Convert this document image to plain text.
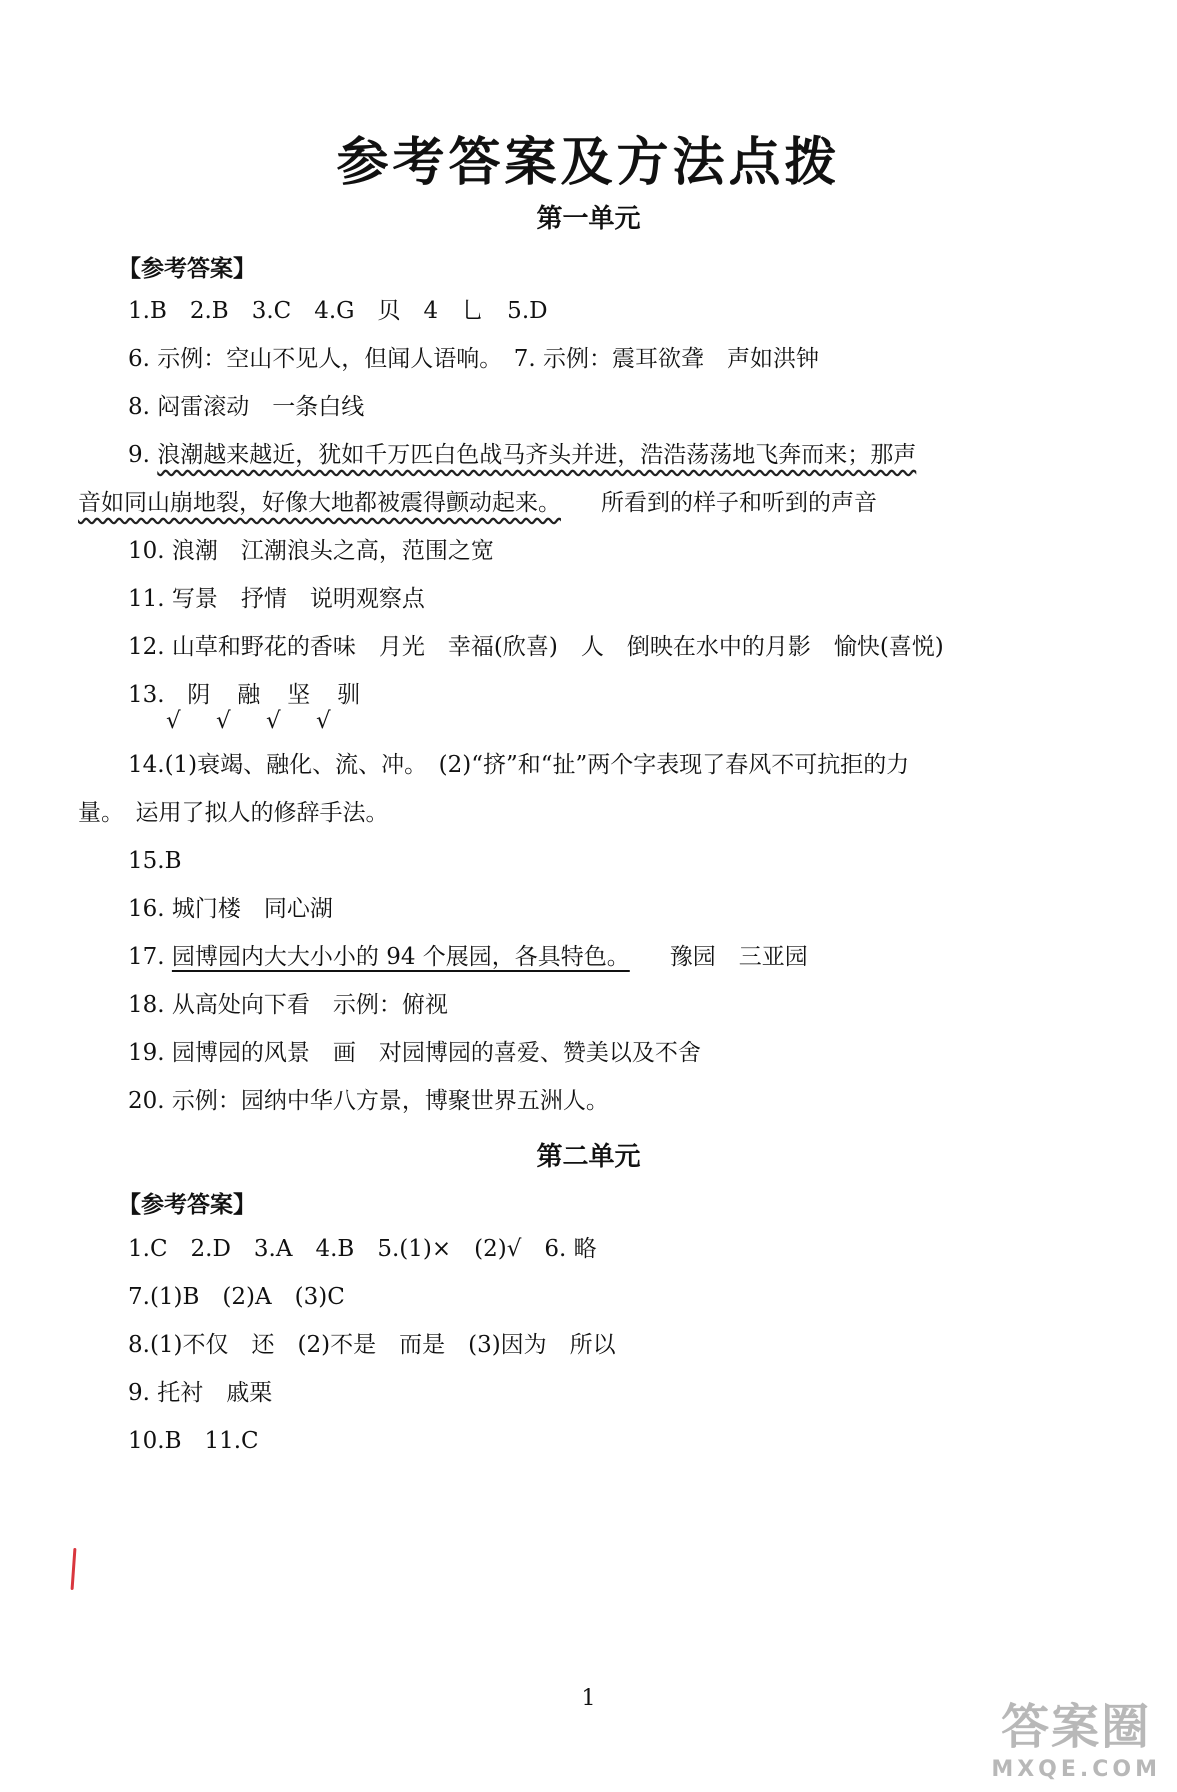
参考答案及方法点拨
第一单元
【参考答案】
1.B　2.B　3.C　4.G　贝　4　乚　5.D
6. 示例：空山不见人，但闻人语响。　7. 示例：震耳欲聋　声如洪钟
8. 闷雷滚动　一条白线
9. 浪潮越来越近，犹如千万匹白色战马齐头并进，浩浩荡荡地飞奔而来；那声
音如同山崩地裂，好像大地都被震得颤动起来。 所看到的样子和听到的声音
10. 浪潮　江潮浪头之高，范围之宽
11. 写景　抒情　说明观察点
12. 山草和野花的香味　月光　幸福(欣喜)　人　倒映在水中的月影　愉快(喜悦)
13. 阴 融 坚 驯
√ √ √ √
14.(1)衰竭、融化、流、冲。　(2)“挤”和“扯”两个字表现了春风不可抗拒的力
量。　运用了拟人的修辞手法。
15.B
16. 城门楼　同心湖
17. 园博园内大大小小的 94 个展园，各具特色。 豫园　三亚园
18. 从高处向下看　示例：俯视
19. 园博园的风景　画　对园博园的喜爱、赞美以及不舍
20. 示例：园纳中华八方景，博聚世界五洲人。
第二单元
【参考答案】
1.C　2.D　3.A　4.B　5.(1)×　(2)√　6. 略
7.(1)B　(2)A　(3)C
8.(1)不仅　还　(2)不是　而是　(3)因为　所以
9. 托衬　戚栗
10.B　11.C
1
答案圈
MXQE.COM
